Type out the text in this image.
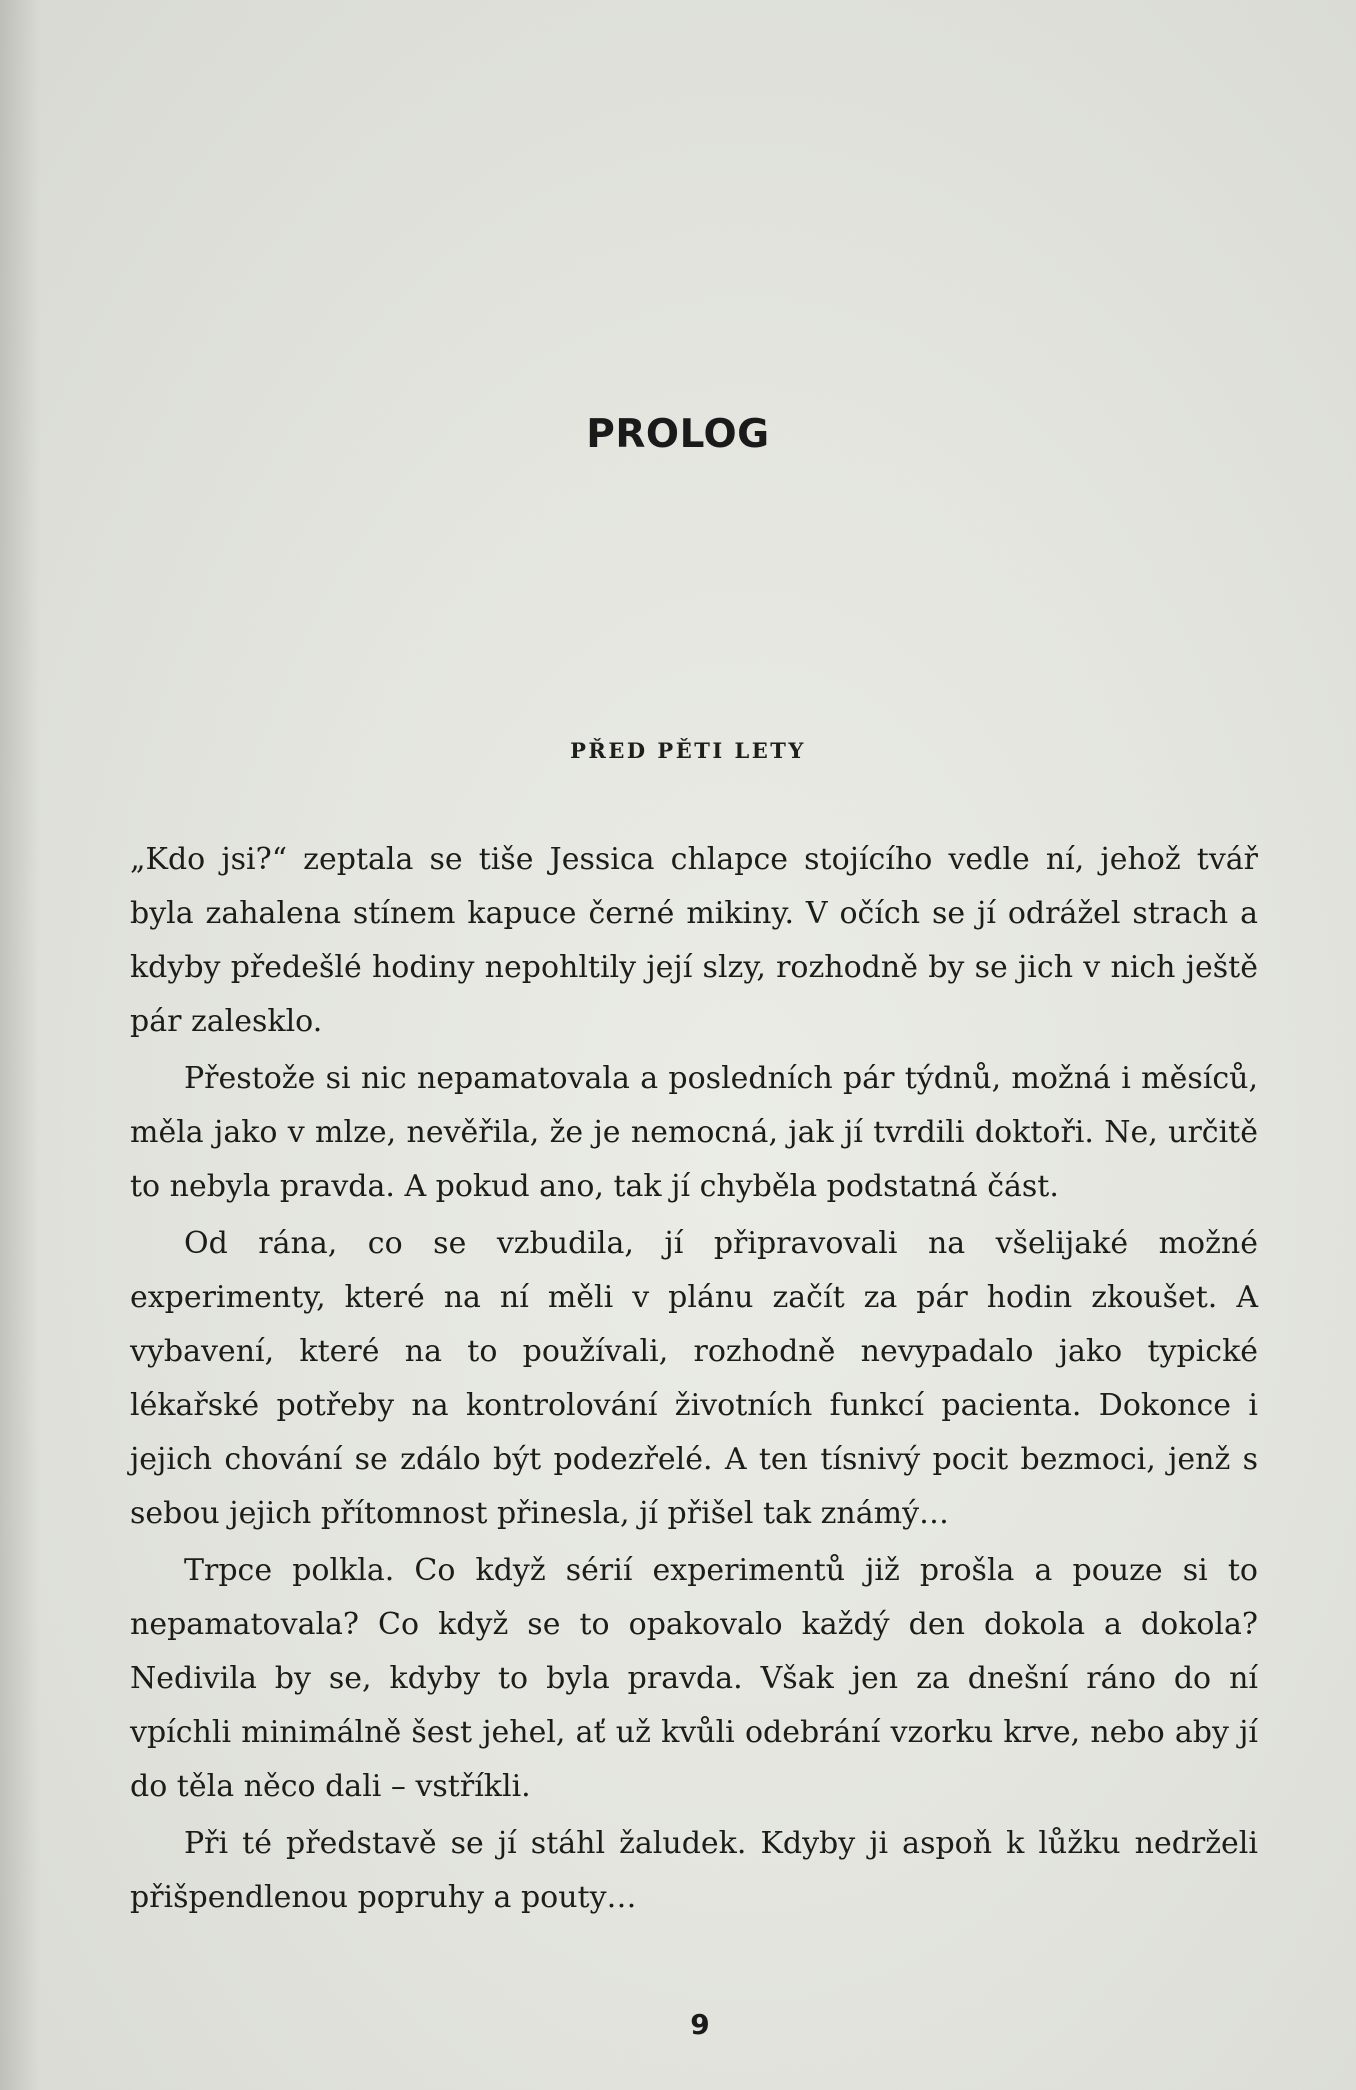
PROLOG
PŘED PĚTI LETY

„Kdo jsi?“ zeptala se tiše Jessica chlapce stojícího vedle ní, jehož tvář byla zahalena stínem kapuce černé mikiny. V očích se jí odrážel strach a kdyby předešlé hodiny nepohltily její slzy, rozhodně by se jich v nich ještě pár zalesklo.

Přestože si nic nepamatovala a posledních pár týdnů, možná i měsíců, měla jako v mlze, nevěřila, že je nemocná, jak jí tvrdili doktoři. Ne, určitě to nebyla pravda. A pokud ano, tak jí chyběla podstatná část.

Od rána, co se vzbudila, jí připravovali na všelijaké možné experimenty, které na ní měli v plánu začít za pár hodin zkoušet. A vybavení, které na to používali, rozhodně nevypadalo jako typické lékařské potřeby na kontrolování životních funkcí pacienta. Dokonce i jejich chování se zdálo být podezřelé. A ten tísnivý pocit bezmoci, jenž s sebou jejich přítomnost přinesla, jí přišel tak známý…

Trpce polkla. Co když sérií experimentů již prošla a pouze si to nepamatovala? Co když se to opakovalo každý den dokola a dokola? Nedivila by se, kdyby to byla pravda. Však jen za dnešní ráno do ní vpíchli minimálně šest jehel, ať už kvůli odebrání vzorku krve, nebo aby jí do těla něco dali – vstříkli.

Při té představě se jí stáhl žaludek. Kdyby ji aspoň k lůžku nedrželi přišpendlenou popruhy a pouty…

9
